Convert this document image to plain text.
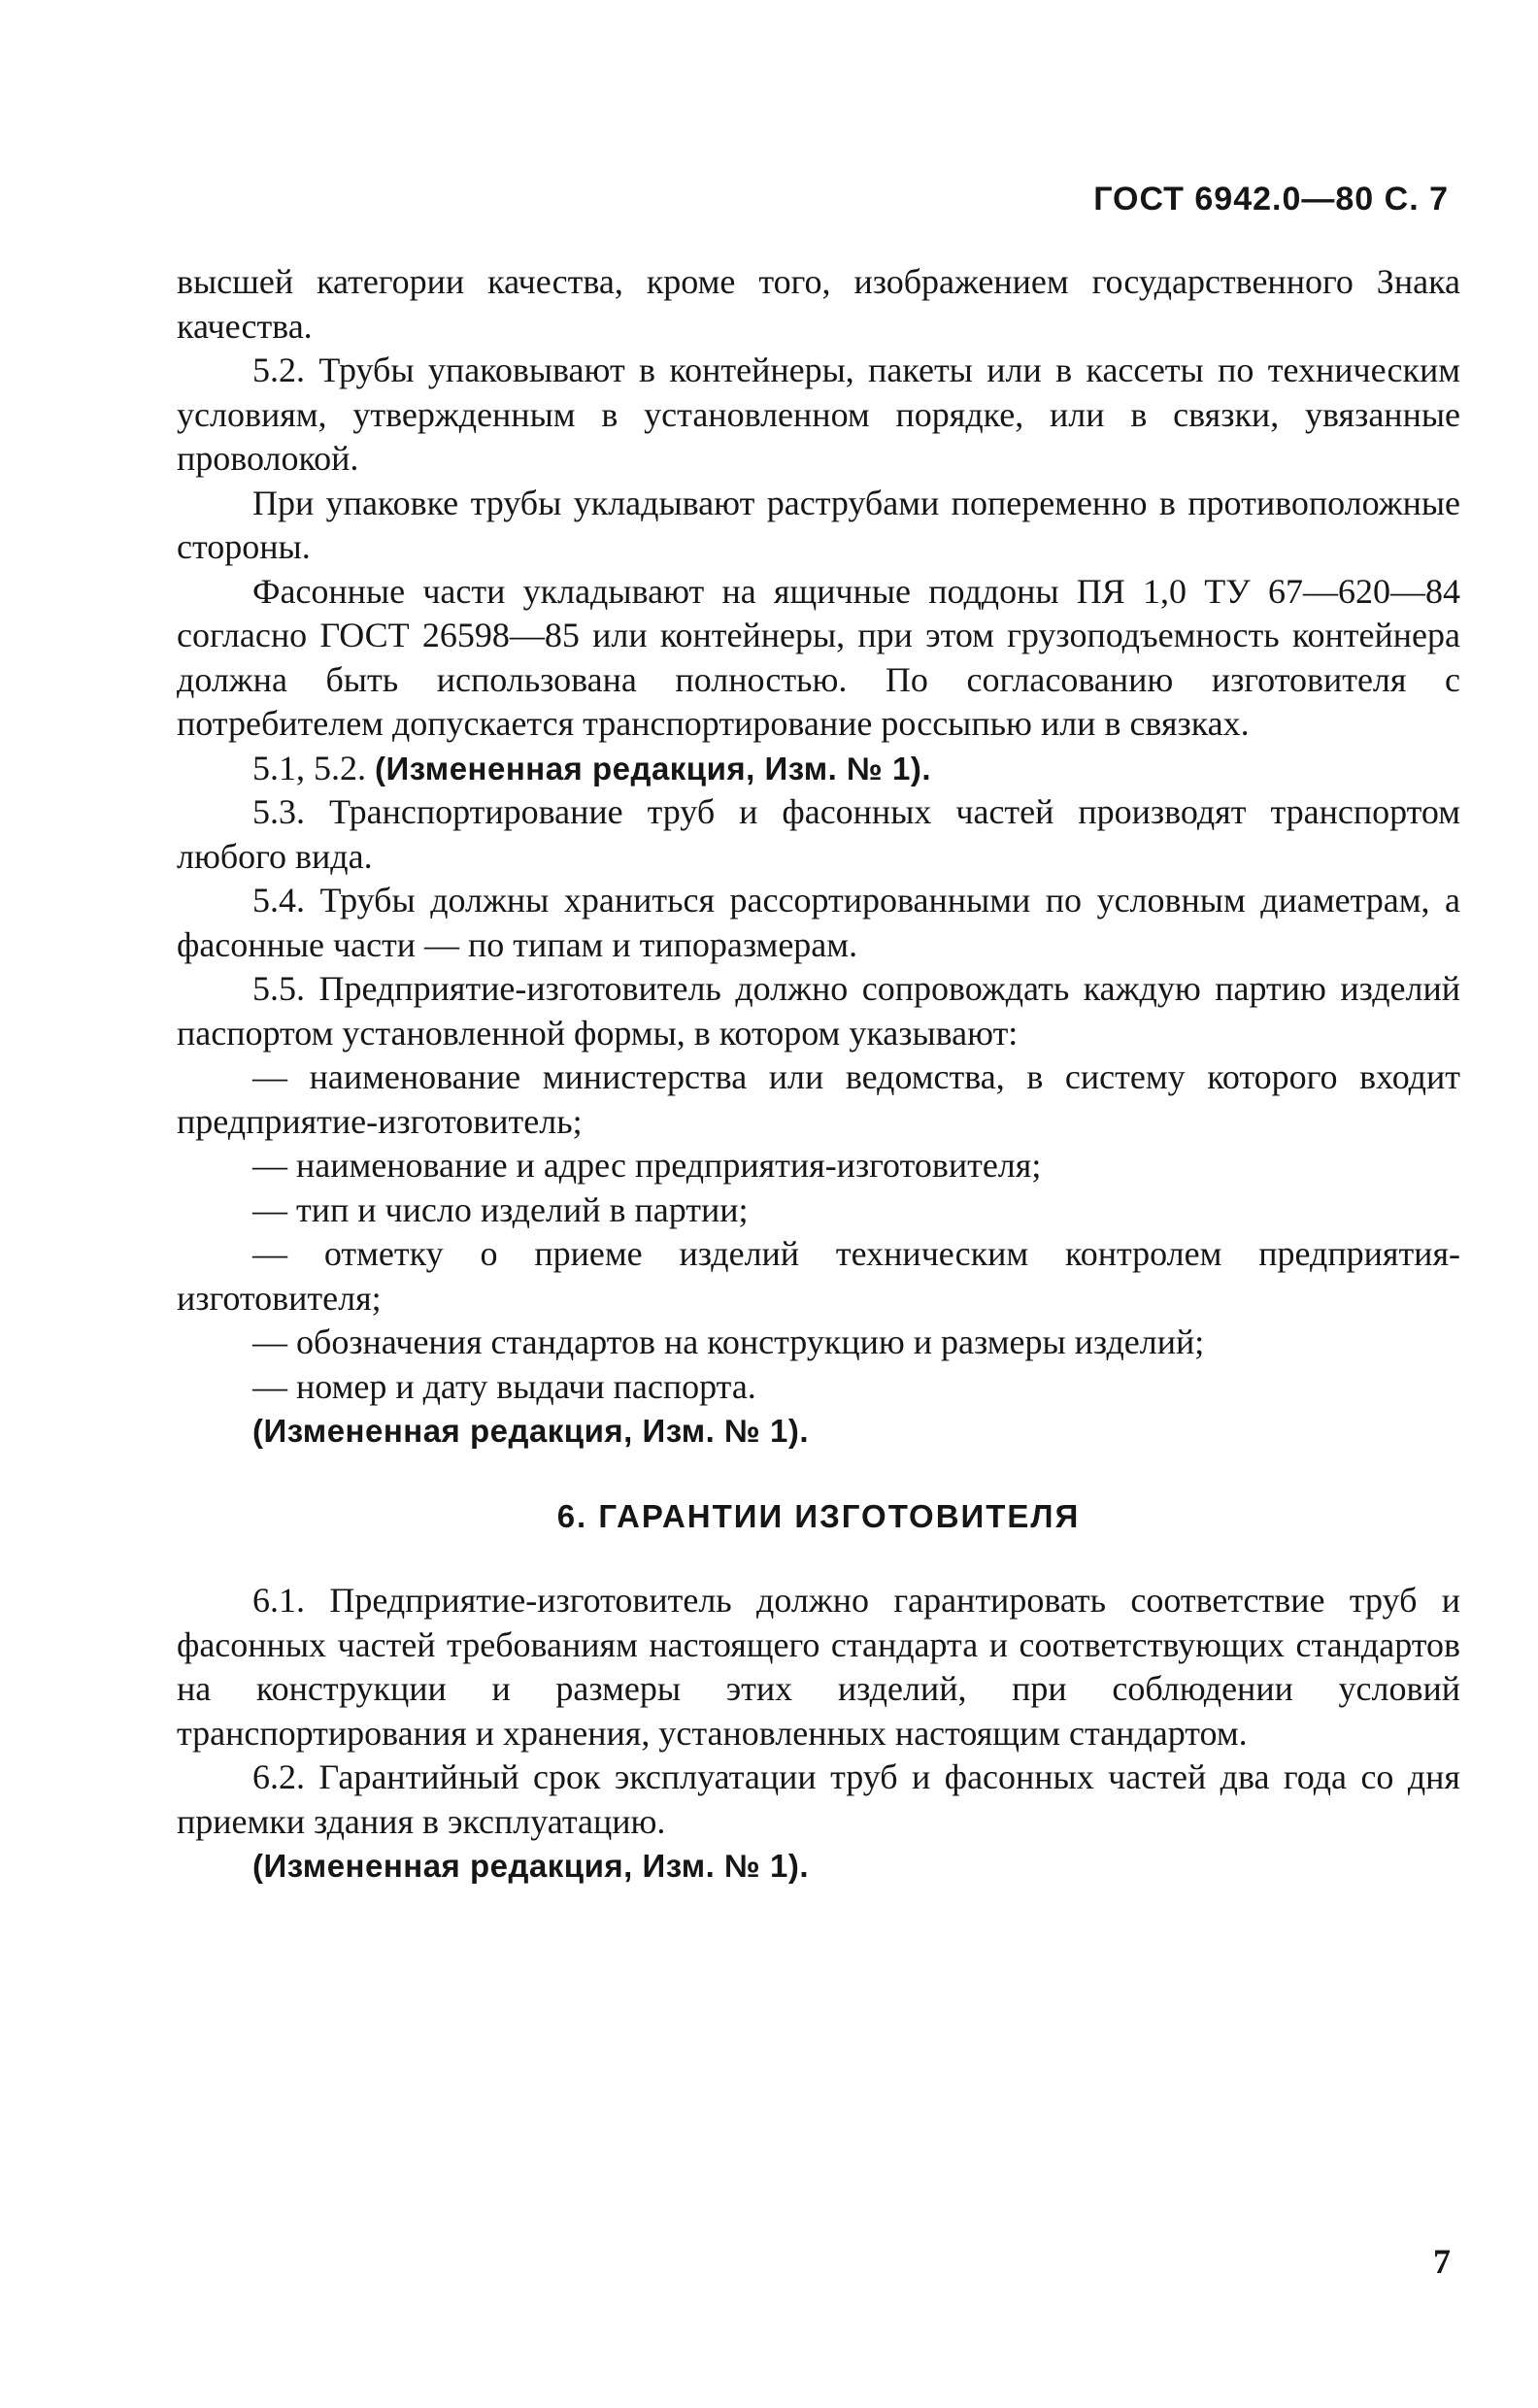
ГОСТ 6942.0—80 С. 7

высшей категории качества, кроме того, изображением государственного Знака качества.

5.2. Трубы упаковывают в контейнеры, пакеты или в кассеты по техническим условиям, утвержденным в установленном порядке, или в связки, увязанные проволокой.

При упаковке трубы укладывают раструбами попеременно в противоположные стороны.

Фасонные части укладывают на ящичные поддоны ПЯ 1,0 ТУ 67—620—84 согласно ГОСТ 26598—85 или контейнеры, при этом грузоподъемность контейнера должна быть использована полностью. По согласованию изготовителя с потребителем допускается транспортирование россыпью или в связках.

5.1, 5.2. (Измененная редакция, Изм. № 1).

5.3. Транспортирование труб и фасонных частей производят транспортом любого вида.

5.4. Трубы должны храниться рассортированными по условным диаметрам, а фасонные части — по типам и типоразмерам.

5.5. Предприятие-изготовитель должно сопровождать каждую партию изделий паспортом установленной формы, в котором указывают:

— наименование министерства или ведомства, в систему которого входит предприятие-изготовитель;

— наименование и адрес предприятия-изготовителя;

— тип и число изделий в партии;

— отметку о приеме изделий техническим контролем предприятия-изготовителя;

— обозначения стандартов на конструкцию и размеры изделий;

— номер и дату выдачи паспорта.

(Измененная редакция, Изм. № 1).

6. ГАРАНТИИ ИЗГОТОВИТЕЛЯ

6.1. Предприятие-изготовитель должно гарантировать соответствие труб и фасонных частей требованиям настоящего стандарта и соответствующих стандартов на конструкции и размеры этих изделий, при соблюдении условий транспортирования и хранения, установленных настоящим стандартом.

6.2. Гарантийный срок эксплуатации труб и фасонных частей два года со дня приемки здания в эксплуатацию.

(Измененная редакция, Изм. № 1).

7
